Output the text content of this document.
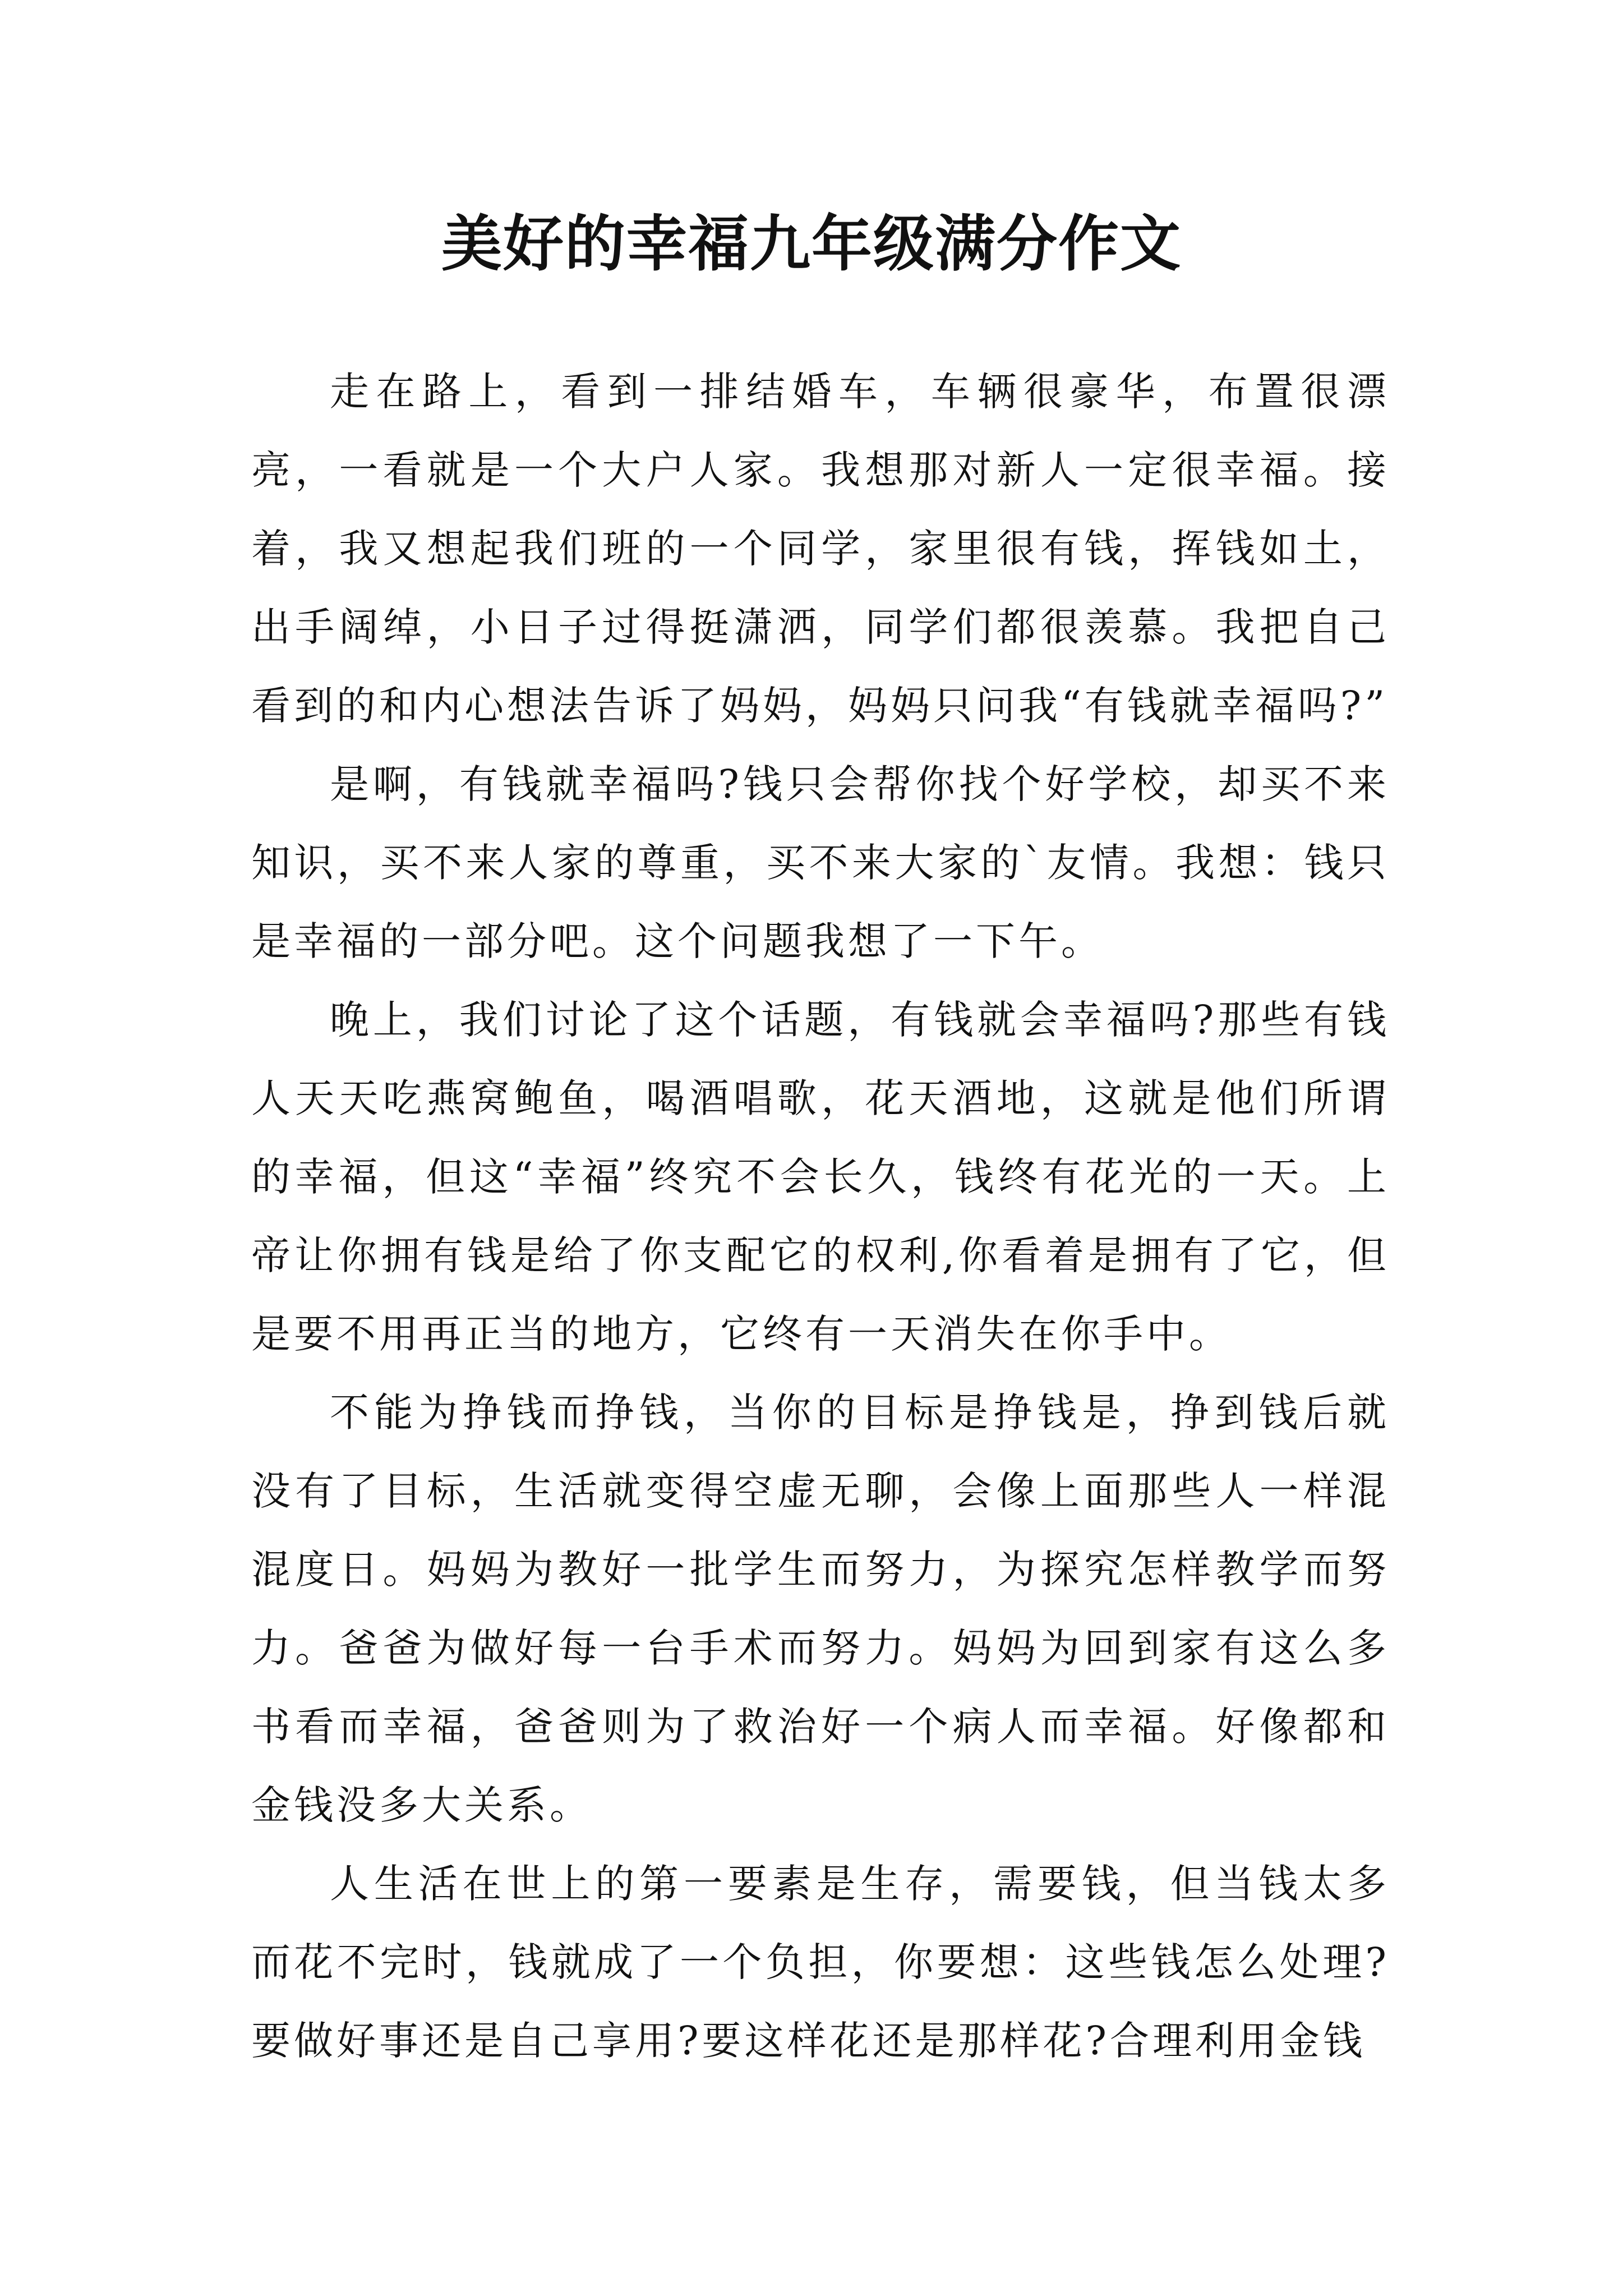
美好的幸福九年级满分作文

走在路上，看到一排结婚车，车辆很豪华，布置很漂亮，一看就是一个大户人家。我想那对新人一定很幸福。接着，我又想起我们班的一个同学，家里很有钱，挥钱如土，出手阔绰，小日子过得挺潇洒，同学们都很羡慕。我把自己看到的和内心想法告诉了妈妈，妈妈只问我“有钱就幸福吗?”

是啊，有钱就幸福吗?钱只会帮你找个好学校，却买不来知识，买不来人家的尊重，买不来大家的`友情。我想：钱只是幸福的一部分吧。这个问题我想了一下午。

晚上，我们讨论了这个话题，有钱就会幸福吗?那些有钱人天天吃燕窝鲍鱼，喝酒唱歌，花天酒地，这就是他们所谓的幸福，但这“幸福”终究不会长久，钱终有花光的一天。上帝让你拥有钱是给了你支配它的权利,你看着是拥有了它，但是要不用再正当的地方，它终有一天消失在你手中。

不能为挣钱而挣钱，当你的目标是挣钱是，挣到钱后就没有了目标，生活就变得空虚无聊，会像上面那些人一样混混度日。妈妈为教好一批学生而努力，为探究怎样教学而努力。爸爸为做好每一台手术而努力。妈妈为回到家有这么多书看而幸福，爸爸则为了救治好一个病人而幸福。好像都和金钱没多大关系。

人生活在世上的第一要素是生存，需要钱，但当钱太多而花不完时，钱就成了一个负担，你要想：这些钱怎么处理?要做好事还是自己享用?要这样花还是那样花?合理利用金钱
